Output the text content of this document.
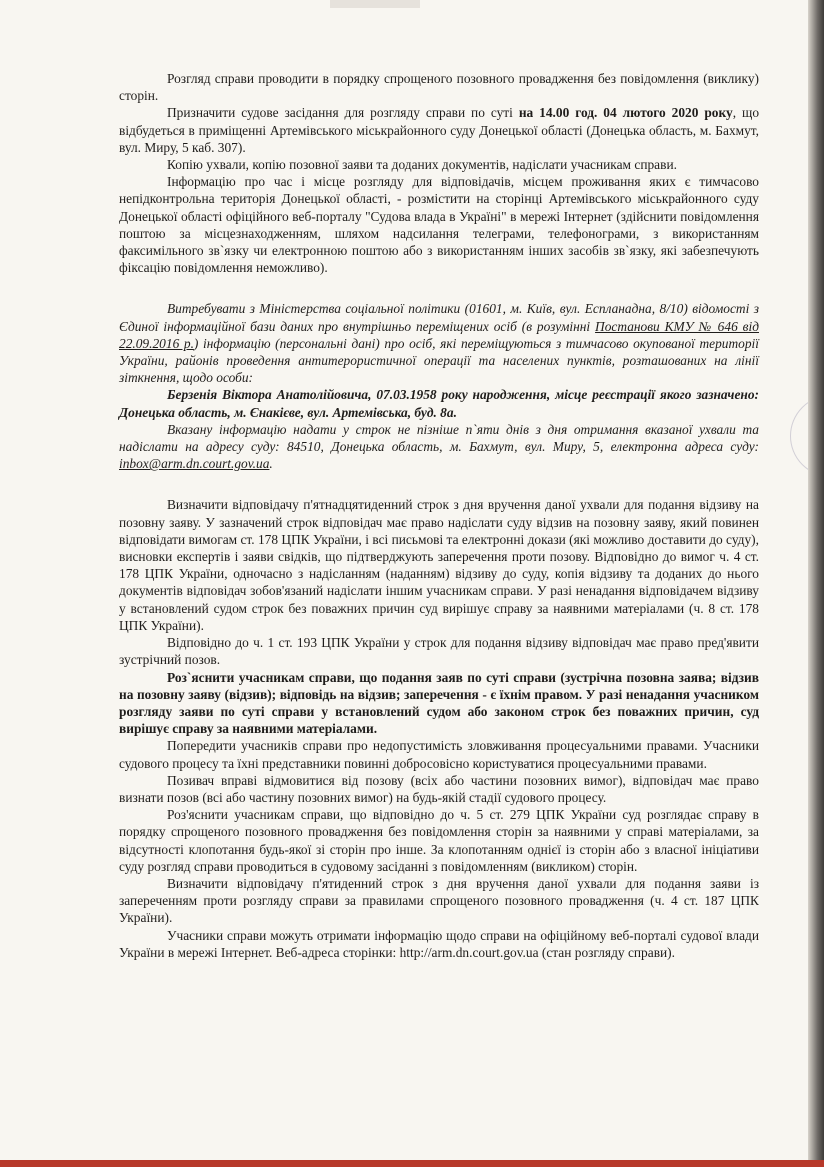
Розгляд справи проводити в порядку спрощеного позовного провадження без повідомлення (виклику) сторін.

Призначити судове засідання для розгляду справи по суті на 14.00 год. 04 лютого 2020 року, що відбудеться в приміщенні Артемівського міськрайонного суду Донецької області (Донецька область, м. Бахмут, вул. Миру, 5 каб. 307).

Копію ухвали, копію позовної заяви та доданих документів, надіслати учасникам справи.

Інформацію про час і місце розгляду для відповідачів, місцем проживання яких є тимчасово непідконтрольна територія Донецької області, - розмістити на сторінці Артемівського міськрайонного суду Донецької області офіційного веб-порталу "Судова влада в Україні" в мережі Інтернет (здійснити повідомлення поштою за місцезнаходженням, шляхом надсилання телеграми, телефонограми, з використанням факсимільного зв`язку чи електронною поштою або з використанням інших засобів зв`язку, які забезпечують фіксацію повідомлення неможливо).

Витребувати з Міністерства соціальної політики (01601, м. Київ, вул. Еспланадна, 8/10) відомості з Єдиної інформаційної бази даних про внутрішньо переміщених осіб (в розумінні Постанови КМУ № 646 від 22.09.2016 р.) інформацію (персональні дані) про осіб, які переміщуються з тимчасово окупованої території України, районів проведення антитерористичної операції та населених пунктів, розташованих на лінії зіткнення, щодо особи:

Берзенія Віктора Анатолійовича, 07.03.1958 року народження, місце реєстрації якого зазначено: Донецька область, м. Єнакієве, вул. Артемівська, буд. 8а.

Вказану інформацію надати у строк не пізніше п`яти днів з дня отримання вказаної ухвали та надіслати на адресу суду: 84510, Донецька область, м. Бахмут, вул. Миру, 5, електронна адреса суду: inbox@arm.dn.court.gov.ua.

Визначити відповідачу п'ятнадцятиденний строк з дня вручення даної ухвали для подання відзиву на позовну заяву. У зазначений строк відповідач має право надіслати суду відзив на позовну заяву, який повинен відповідати вимогам ст. 178 ЦПК України, і всі письмові та електронні докази (які можливо доставити до суду), висновки експертів і заяви свідків, що підтверджують заперечення проти позову. Відповідно до вимог ч. 4 ст. 178 ЦПК України, одночасно з надісланням (наданням) відзиву до суду, копія відзиву та доданих до нього документів відповідач зобов'язаний надіслати іншим учасникам справи. У разі ненадання відповідачем відзиву у встановлений судом строк без поважних причин суд вирішує справу за наявними матеріалами (ч. 8 ст. 178 ЦПК України).

Відповідно до ч. 1 ст. 193 ЦПК України у строк для подання відзиву відповідач має право пред'явити зустрічний позов.

Роз`яснити учасникам справи, що подання заяв по суті справи (зустрічна позовна заява; відзив на позовну заяву (відзив); відповідь на відзив; заперечення - є їхнім правом. У разі ненадання учасником розгляду заяви по суті справи у встановлений судом або законом строк без поважних причин, суд вирішує справу за наявними матеріалами.

Попередити учасників справи про недопустимість зловживання процесуальними правами. Учасники судового процесу та їхні представники повинні добросовісно користуватися процесуальними правами.

Позивач вправі відмовитися від позову (всіх або частини позовних вимог), відповідач має право визнати позов (всі або частину позовних вимог) на будь-якій стадії судового процесу.

Роз'яснити учасникам справи, що відповідно до ч. 5 ст. 279 ЦПК України суд розглядає справу в порядку спрощеного позовного провадження без повідомлення сторін за наявними у справі матеріалами, за відсутності клопотання будь-якої зі сторін про інше. За клопотанням однієї із сторін або з власної ініціативи суду розгляд справи проводиться в судовому засіданні з повідомленням (викликом) сторін.

Визначити відповідачу п'ятиденний строк з дня вручення даної ухвали для подання заяви із запереченням проти розгляду справи за правилами спрощеного позовного провадження (ч. 4 ст. 187 ЦПК України).

Учасники справи можуть отримати інформацію щодо справи на офіційному веб-порталі судової влади України в мережі Інтернет. Веб-адреса сторінки: http://arm.dn.court.gov.ua (стан розгляду справи).
